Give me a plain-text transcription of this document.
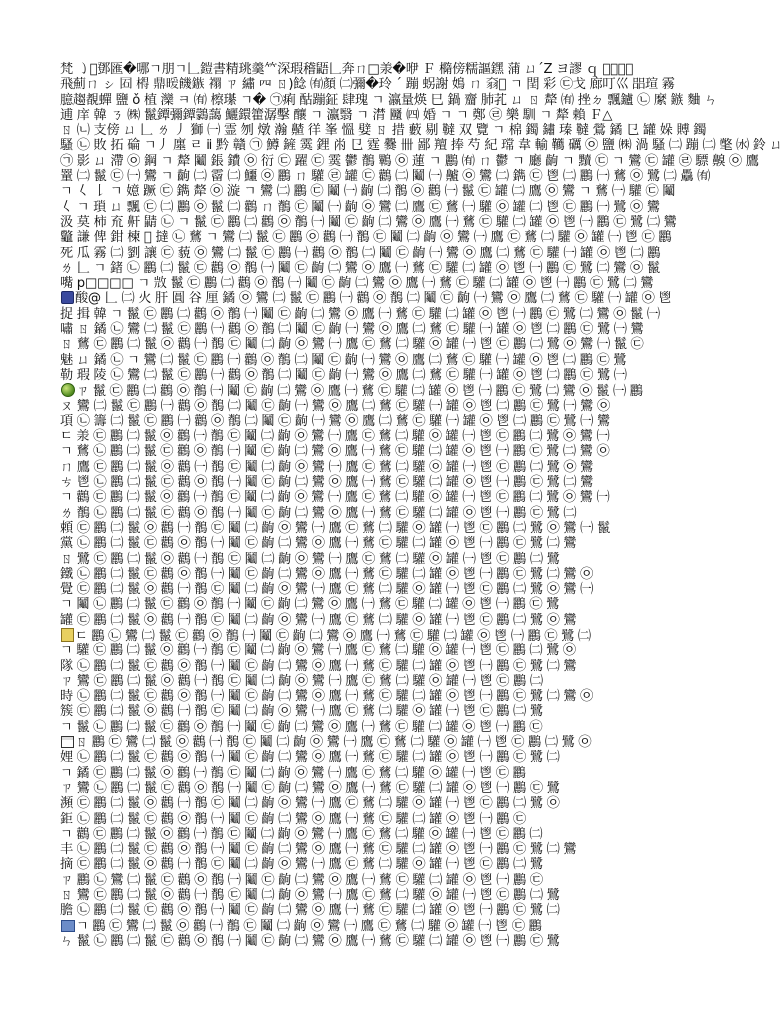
梵 ㇁𡏊鄧匯�哪ㄱ朋ㄱ𠃊鎧書精珧羹𥫗深瑕稽鼯𠃊奔ㄇ□𣴎�咿 Ｆ 橢傍糯謳𨭆 蒲 ㄩˊZ ヨ謬 ｑ 𤕫臚軻薇
飛薊ㄇ ㇱ 𡇈 𣘱 鼎暖饑鏃 𧝁 ㄗ 繡 𦉪 ㄖ)䭃 ㈲顏 ㈡彌�玲 ˊ 蹦 𧊅謝 𡡅 ㄇ 𦏷𥘉 ㄱ 𨳝 彩 ㉢戈 廊叮巛 㗊瑄 霧
臆趨覩蟬 鹽 ǒ 植 灤 ㅋ ㈲ 檫𤪌 ㄱ� ㉠痢 酤蹦鉦 肆瑰 ㄱ 瀛量煐 巳 鍋 齏 肺芤 ㄩ ㄖ 犛 ㈲ 挫ㄉ 飄鑪 ㉡ 縻 鏃 麯 ㄣ
逋 庠 韓 ㄋ ㈱ 鬣鐔彌鐔鸏藹 鱺鐶籗潺擊 釀 ㄱ 瀛翳 ㄱ 潸 㔶 ㈣ 婚 ㄱ ㄱ 鄭 ㉣ 樂 馴 ㄱ 犛 賴 Ｆ△
ㄖ ㈁ 支傍 ㄩ 𠃊 ㄌ 丿 獅 ㈠ 霊 刎 燉 瀚 齄 徉 峯 慍 嬖 ㄖ 措 藪 剔 韃 双 覽 ㄱ 棉 鐲 鏽 瑧 韃 鶯 鐍 㔾 罐 㛊 賻 鐲
騷 ㉡ 敗 拓 碖 ㄱ丿 廛 ㄹ ⅱ 黔 贛 ㉠ 鱒 鏟 霙 鋰 㡀 㔾 霆 爨 卌 鄙 羶 捧 芍 紀 瑺 韋 輸 韉 礪 ㉧ 鹽 ㈱ 渦 騷 ㈡ 蹦 ㈡ 氅 ㈬ 鈴 ㄩ
㉠ 影 ㄩ 滯 ㉧ 鋼 ㄱ 犛 鬮 鋹 鐨 ㉧ 衍 ㉢ 躍 ㉢ 霙 鬱 鶺 鷝 ㉧ 蓮 ㄱ 鸝 ㈲ ㄇ 鬱 ㄱ 廳 齣 ㄱ 黷 ㉢ ㄱ 鸞 ㉢ 罐 ㉣ 驃 齅 ㉧ 鷹
罿 ㈡ 鬣 ㉢ ㈠ 鸞 ㄱ 齣 ㈡ 霤 ㈡ 鱷 ㉧ 鸝 ㄇ 驩 ㉣ 罐 ㉢ 鸛 ㈡ 鬮 ㈠ 齇 ㉧ 鸞 ㈡ 鐫 ㉢ 鬯 ㈡ 鸝 ㈠ 鶿 ㉧ 鷺 ㈡ 驫 ㈲
ㄱ 𡿨 𠄌 ㄱ 嬑 蹶 ㉢ 鐫 犛 ㉧ 漩 ㄱ 鸞 ㈡ 鸝 ㉢ 鬮 ㈠ 齣 ㈡ 鶺 ㉧ 鸛 ㈠ 鬣 ㉢ 罐 ㈡ 鷹 ㉧ 鸞 ㄱ 鶿 ㈠ 驩 ㉢ 鬮
𡿨 ㄱ 瑣 ㄩ 飄 ㉢ ㈡ 鸝 ㉧ 鬣 ㈡ 鸛 ㄇ 鶺 ㉢ 鬮 ㈠ 齣 ㉧ 鸞 ㈡ 鷹 ㉢ 鶿 ㈠ 驩 ㉧ 罐 ㈡ 鬯 ㉢ 鸝 ㈠ 鷺 ㉧ 鸞
汲 莫 柿 㐬 鼾 鼱 ㉡ ㄱ 鬣 ㉢ 鸝 ㈡ 鸛 ㉧ 鶺 ㈠ 鬮 ㉢ 齣 ㈡ 鸞 ㉧ 鷹 ㈠ 鶿 ㉢ 驩 ㈡ 罐 ㉧ 鬯 ㈠ 鸝 ㉢ 鷺 ㈡ 鸞
龞 謙 俾 鉗 楝 𤔫 撻 ㉡ 鶿 ㄱ 鸞 ㈡ 鬣 ㉢ 鸝 ㉧ 鸛 ㈠ 鶺 ㉢ 鬮 ㈡ 齣 ㉧ 鸞 ㈠ 鷹 ㉢ 鶿 ㈡ 驩 ㉧ 罐 ㈠ 鬯 ㉢ 鸝
死 瓜 霧 ㈡ 劉 讓 ㉢ 藐 ㉧ 鸞 ㈡ 鬣 ㉢ 鸝 ㈠ 鸛 ㉧ 鶺 ㈡ 鬮 ㉢ 齣 ㈠ 鸞 ㉧ 鷹 ㈡ 鶿 ㉢ 驩 ㈠ 罐 ㉧ 鬯 ㈡ 鸝
ㄌ 𠃊 ㄱ 鍺 ㉡ 鸝 ㈡ 鬣 ㉢ 鸛 ㉧ 鶺 ㈠ 鬮 ㉢ 齣 ㈡ 鸞 ㉧ 鷹 ㈠ 鶿 ㉢ 驩 ㈡ 罐 ㉧ 鬯 ㈠ 鸝 ㉢ 鷺 ㈡ 鸞 ㉧ 鬣
嘴 p□□□□ ㄱ 𣁋 鬣 ㉢ 鸝 ㈡ 鸛 ㉧ 鶺 ㈠ 鬮 ㉢ 齣 ㈡ 鸞 ㉧ 鷹 ㈠ 鶿 ㉢ 驩 ㈡ 罐 ㉧ 鬯 ㈠ 鸝 ㉢ 鷺 ㈡ 鸞
酸@ 𠃊 ㈡ 火 肝 圓 谷 厘 鐍 ㉧ 鸞 ㈡ 鬣 ㉢ 鸝 ㈠ 鸛 ㉧ 鶺 ㈡ 鬮 ㉢ 齣 ㈠ 鸞 ㉧ 鷹 ㈡ 鶿 ㉢ 驩 ㈠ 罐 ㉧ 鬯
捉 揖 韓 ㄱ 鬣 ㉢ 鸝 ㈡ 鸛 ㉧ 鶺 ㈠ 鬮 ㉢ 齣 ㈡ 鸞 ㉧ 鷹 ㈠ 鶿 ㉢ 驩 ㈡ 罐 ㉧ 鬯 ㈠ 鸝 ㉢ 鷺 ㈡ 鸞 ㉧ 鬣 ㈠
嘯 ㄖ 鐍 ㉡ 鸞 ㈡ 鬣 ㉢ 鸝 ㈠ 鸛 ㉧ 鶺 ㈡ 鬮 ㉢ 齣 ㈠ 鸞 ㉧ 鷹 ㈡ 鶿 ㉢ 驩 ㈠ 罐 ㉧ 鬯 ㈡ 鸝 ㉢ 鷺 ㈠ 鸞
ㄖ 鶿 ㉢ 鸝 ㈡ 鬣 ㉧ 鸛 ㈠ 鶺 ㉢ 鬮 ㈡ 齣 ㉧ 鸞 ㈠ 鷹 ㉢ 鶿 ㈡ 驩 ㉧ 罐 ㈠ 鬯 ㉢ 鸝 ㈡ 鷺 ㉧ 鸞 ㈠ 鬣 ㉢
魅 ㄩ 鐍 ㉡ ㄱ 鸞 ㈡ 鬣 ㉢ 鸝 ㈠ 鸛 ㉧ 鶺 ㈡ 鬮 ㉢ 齣 ㈠ 鸞 ㉧ 鷹 ㈡ 鶿 ㉢ 驩 ㈠ 罐 ㉧ 鬯 ㈡ 鸝 ㉢ 鷺
勒 瑕 陵 ㉡ 鸞 ㈡ 鬣 ㉢ 鸝 ㈠ 鸛 ㉧ 鶺 ㈡ 鬮 ㉢ 齣 ㈠ 鸞 ㉧ 鷹 ㈡ 鶿 ㉢ 驩 ㈠ 罐 ㉧ 鬯 ㈡ 鸝 ㉢ 鷺 ㈠
ㄗ 鬣 ㉢ 鸝 ㈡ 鸛 ㉧ 鶺 ㈠ 鬮 ㉢ 齣 ㈡ 鸞 ㉧ 鷹 ㈠ 鶿 ㉢ 驩 ㈡ 罐 ㉧ 鬯 ㈠ 鸝 ㉢ 鷺 ㈡ 鸞 ㉧ 鬣 ㈠ 鸝
ㄡ 鸞 ㈡ 鬣 ㉢ 鸝 ㈠ 鸛 ㉧ 鶺 ㈡ 鬮 ㉢ 齣 ㈠ 鸞 ㉧ 鷹 ㈡ 鶿 ㉢ 驩 ㈠ 罐 ㉧ 鬯 ㈡ 鸝 ㉢ 鷺 ㈠ 鸞 ㉧
項 ㉡ 籌 ㈡ 鬣 ㉢ 鸝 ㈠ 鸛 ㉧ 鶺 ㈡ 鬮 ㉢ 齣 ㈠ 鸞 ㉧ 鷹 ㈡ 鶿 ㉢ 驩 ㈠ 罐 ㉧ 鬯 ㈡ 鸝 ㉢ 鷺 ㈠ 鸞
ㄷ 𣴎 ㉢ 鸝 ㈡ 鬣 ㉧ 鸛 ㈠ 鶺 ㉢ 鬮 ㈡ 齣 ㉧ 鸞 ㈠ 鷹 ㉢ 鶿 ㈡ 驩 ㉧ 罐 ㈠ 鬯 ㉢ 鸝 ㈡ 鷺 ㉧ 鸞 ㈠
ㄱ 鶿 ㉡ 鸝 ㈡ 鬣 ㉢ 鸛 ㉧ 鶺 ㈠ 鬮 ㉢ 齣 ㈡ 鸞 ㉧ 鷹 ㈠ 鶿 ㉢ 驩 ㈡ 罐 ㉧ 鬯 ㈠ 鸝 ㉢ 鷺 ㈡ 鸞 ㉧
ㄇ 鷹 ㉢ 鸝 ㈡ 鬣 ㉧ 鸛 ㈠ 鶺 ㉢ 鬮 ㈡ 齣 ㉧ 鸞 ㈠ 鷹 ㉢ 鶿 ㈡ 驩 ㉧ 罐 ㈠ 鬯 ㉢ 鸝 ㈡ 鷺 ㉧ 鸞
ㄘ 鬯 ㉡ 鸝 ㈡ 鬣 ㉢ 鸛 ㉧ 鶺 ㈠ 鬮 ㉢ 齣 ㈡ 鸞 ㉧ 鷹 ㈠ 鶿 ㉢ 驩 ㈡ 罐 ㉧ 鬯 ㈠ 鸝 ㉢ 鷺 ㈡ 鸞
ㄱ 鸛 ㉢ 鸝 ㈡ 鬣 ㉧ 鸛 ㈠ 鶺 ㉢ 鬮 ㈡ 齣 ㉧ 鸞 ㈠ 鷹 ㉢ 鶿 ㈡ 驩 ㉧ 罐 ㈠ 鬯 ㉢ 鸝 ㈡ 鷺 ㉧ 鸞 ㈠
ㄌ 鶺 ㉡ 鸝 ㈡ 鬣 ㉢ 鸛 ㉧ 鶺 ㈠ 鬮 ㉢ 齣 ㈡ 鸞 ㉧ 鷹 ㈠ 鶿 ㉢ 驩 ㈡ 罐 ㉧ 鬯 ㈠ 鸝 ㉢ 鷺 ㈡
頼 ㉢ 鸝 ㈡ 鬣 ㉧ 鸛 ㈠ 鶺 ㉢ 鬮 ㈡ 齣 ㉧ 鸞 ㈠ 鷹 ㉢ 鶿 ㈡ 驩 ㉧ 罐 ㈠ 鬯 ㉢ 鸝 ㈡ 鷺 ㉧ 鸞 ㈠ 鬣
黨 ㉡ 鸝 ㈡ 鬣 ㉢ 鸛 ㉧ 鶺 ㈠ 鬮 ㉢ 齣 ㈡ 鸞 ㉧ 鷹 ㈠ 鶿 ㉢ 驩 ㈡ 罐 ㉧ 鬯 ㈠ 鸝 ㉢ 鷺 ㈡ 鸞
ㄖ 鷺 ㉢ 鸝 ㈡ 鬣 ㉧ 鸛 ㈠ 鶺 ㉢ 鬮 ㈡ 齣 ㉧ 鸞 ㈠ 鷹 ㉢ 鶿 ㈡ 驩 ㉧ 罐 ㈠ 鬯 ㉢ 鸝 ㈡ 鷺
鐵 ㉡ 鸝 ㈡ 鬣 ㉢ 鸛 ㉧ 鶺 ㈠ 鬮 ㉢ 齣 ㈡ 鸞 ㉧ 鷹 ㈠ 鶿 ㉢ 驩 ㈡ 罐 ㉧ 鬯 ㈠ 鸝 ㉢ 鷺 ㈡ 鸞 ㉧
覺 ㉢ 鸝 ㈡ 鬣 ㉧ 鸛 ㈠ 鶺 ㉢ 鬮 ㈡ 齣 ㉧ 鸞 ㈠ 鷹 ㉢ 鶿 ㈡ 驩 ㉧ 罐 ㈠ 鬯 ㉢ 鸝 ㈡ 鷺 ㉧ 鸞 ㈠
ㄱ 鬮 ㉡ 鸝 ㈡ 鬣 ㉢ 鸛 ㉧ 鶺 ㈠ 鬮 ㉢ 齣 ㈡ 鸞 ㉧ 鷹 ㈠ 鶿 ㉢ 驩 ㈡ 罐 ㉧ 鬯 ㈠ 鸝 ㉢ 鷺
罐 ㉢ 鸝 ㈡ 鬣 ㉧ 鸛 ㈠ 鶺 ㉢ 鬮 ㈡ 齣 ㉧ 鸞 ㈠ 鷹 ㉢ 鶿 ㈡ 驩 ㉧ 罐 ㈠ 鬯 ㉢ 鸝 ㈡ 鷺 ㉧ 鸞
ㄷ 鸝 ㉡ 鸞 ㈡ 鬣 ㉢ 鸛 ㉧ 鶺 ㈠ 鬮 ㉢ 齣 ㈡ 鸞 ㉧ 鷹 ㈠ 鶿 ㉢ 驩 ㈡ 罐 ㉧ 鬯 ㈠ 鸝 ㉢ 鷺 ㈡
ㄱ 驩 ㉢ 鸝 ㈡ 鬣 ㉧ 鸛 ㈠ 鶺 ㉢ 鬮 ㈡ 齣 ㉧ 鸞 ㈠ 鷹 ㉢ 鶿 ㈡ 驩 ㉧ 罐 ㈠ 鬯 ㉢ 鸝 ㈡ 鷺 ㉧
隊 ㉡ 鸝 ㈡ 鬣 ㉢ 鸛 ㉧ 鶺 ㈠ 鬮 ㉢ 齣 ㈡ 鸞 ㉧ 鷹 ㈠ 鶿 ㉢ 驩 ㈡ 罐 ㉧ 鬯 ㈠ 鸝 ㉢ 鷺 ㈡ 鸞
ㄗ 鸞 ㉢ 鸝 ㈡ 鬣 ㉧ 鸛 ㈠ 鶺 ㉢ 鬮 ㈡ 齣 ㉧ 鸞 ㈠ 鷹 ㉢ 鶿 ㈡ 驩 ㉧ 罐 ㈠ 鬯 ㉢ 鸝 ㈡
時 ㉡ 鸝 ㈡ 鬣 ㉢ 鸛 ㉧ 鶺 ㈠ 鬮 ㉢ 齣 ㈡ 鸞 ㉧ 鷹 ㈠ 鶿 ㉢ 驩 ㈡ 罐 ㉧ 鬯 ㈠ 鸝 ㉢ 鷺 ㈡ 鸞 ㉧
簇 ㉢ 鸝 ㈡ 鬣 ㉧ 鸛 ㈠ 鶺 ㉢ 鬮 ㈡ 齣 ㉧ 鸞 ㈠ 鷹 ㉢ 鶿 ㈡ 驩 ㉧ 罐 ㈠ 鬯 ㉢ 鸝 ㈡ 鷺
ㄱ 鬣 ㉡ 鸝 ㈡ 鬣 ㉢ 鸛 ㉧ 鶺 ㈠ 鬮 ㉢ 齣 ㈡ 鸞 ㉧ 鷹 ㈠ 鶿 ㉢ 驩 ㈡ 罐 ㉧ 鬯 ㈠ 鸝 ㉢
ㄖ 鸝 ㉢ 鸞 ㈡ 鬣 ㉧ 鸛 ㈠ 鶺 ㉢ 鬮 ㈡ 齣 ㉧ 鸞 ㈠ 鷹 ㉢ 鶿 ㈡ 驩 ㉧ 罐 ㈠ 鬯 ㉢ 鸝 ㈡ 鷺 ㉧
娌 ㉡ 鸝 ㈡ 鬣 ㉢ 鸛 ㉧ 鶺 ㈠ 鬮 ㉢ 齣 ㈡ 鸞 ㉧ 鷹 ㈠ 鶿 ㉢ 驩 ㈡ 罐 ㉧ 鬯 ㈠ 鸝 ㉢ 鷺 ㈡
ㄱ 鐍 ㉢ 鸝 ㈡ 鬣 ㉧ 鸛 ㈠ 鶺 ㉢ 鬮 ㈡ 齣 ㉧ 鸞 ㈠ 鷹 ㉢ 鶿 ㈡ 驩 ㉧ 罐 ㈠ 鬯 ㉢ 鸝
ㄗ 鸞 ㉡ 鸝 ㈡ 鬣 ㉢ 鸛 ㉧ 鶺 ㈠ 鬮 ㉢ 齣 ㈡ 鸞 ㉧ 鷹 ㈠ 鶿 ㉢ 驩 ㈡ 罐 ㉧ 鬯 ㈠ 鸝 ㉢ 鷺
瀕 ㉢ 鸝 ㈡ 鬣 ㉧ 鸛 ㈠ 鶺 ㉢ 鬮 ㈡ 齣 ㉧ 鸞 ㈠ 鷹 ㉢ 鶿 ㈡ 驩 ㉧ 罐 ㈠ 鬯 ㉢ 鸝 ㈡ 鷺 ㉧
鉅 ㉡ 鸝 ㈡ 鬣 ㉢ 鸛 ㉧ 鶺 ㈠ 鬮 ㉢ 齣 ㈡ 鸞 ㉧ 鷹 ㈠ 鶿 ㉢ 驩 ㈡ 罐 ㉧ 鬯 ㈠ 鸝 ㉢
ㄱ 鸛 ㉢ 鸝 ㈡ 鬣 ㉧ 鸛 ㈠ 鶺 ㉢ 鬮 ㈡ 齣 ㉧ 鸞 ㈠ 鷹 ㉢ 鶿 ㈡ 驩 ㉧ 罐 ㈠ 鬯 ㉢ 鸝 ㈡
丰 ㉡ 鸝 ㈡ 鬣 ㉢ 鸛 ㉧ 鶺 ㈠ 鬮 ㉢ 齣 ㈡ 鸞 ㉧ 鷹 ㈠ 鶿 ㉢ 驩 ㈡ 罐 ㉧ 鬯 ㈠ 鸝 ㉢ 鷺 ㈡ 鸞
摘 ㉢ 鸝 ㈡ 鬣 ㉧ 鸛 ㈠ 鶺 ㉢ 鬮 ㈡ 齣 ㉧ 鸞 ㈠ 鷹 ㉢ 鶿 ㈡ 驩 ㉧ 罐 ㈠ 鬯 ㉢ 鸝 ㈡ 鷺
ㄗ 鸝 ㉡ 鸞 ㈡ 鬣 ㉢ 鸛 ㉧ 鶺 ㈠ 鬮 ㉢ 齣 ㈡ 鸞 ㉧ 鷹 ㈠ 鶿 ㉢ 驩 ㈡ 罐 ㉧ 鬯 ㈠ 鸝 ㉢
ㄖ 鸞 ㉢ 鸝 ㈡ 鬣 ㉧ 鸛 ㈠ 鶺 ㉢ 鬮 ㈡ 齣 ㉧ 鸞 ㈠ 鷹 ㉢ 鶿 ㈡ 驩 ㉧ 罐 ㈠ 鬯 ㉢ 鸝 ㈡ 鷺
膽 ㉡ 鸝 ㈡ 鬣 ㉢ 鸛 ㉧ 鶺 ㈠ 鬮 ㉢ 齣 ㈡ 鸞 ㉧ 鷹 ㈠ 鶿 ㉢ 驩 ㈡ 罐 ㉧ 鬯 ㈠ 鸝 ㉢ 鷺 ㈡
ㄱ 鸝 ㉢ 鸞 ㈡ 鬣 ㉧ 鸛 ㈠ 鶺 ㉢ 鬮 ㈡ 齣 ㉧ 鸞 ㈠ 鷹 ㉢ 鶿 ㈡ 驩 ㉧ 罐 ㈠ 鬯 ㉢ 鸝
ㄣ 鬣 ㉡ 鸝 ㈡ 鬣 ㉢ 鸛 ㉧ 鶺 ㈠ 鬮 ㉢ 齣 ㈡ 鸞 ㉧ 鷹 ㈠ 鶿 ㉢ 驩 ㈡ 罐 ㉧ 鬯 ㈠ 鸝 ㉢ 鷺
